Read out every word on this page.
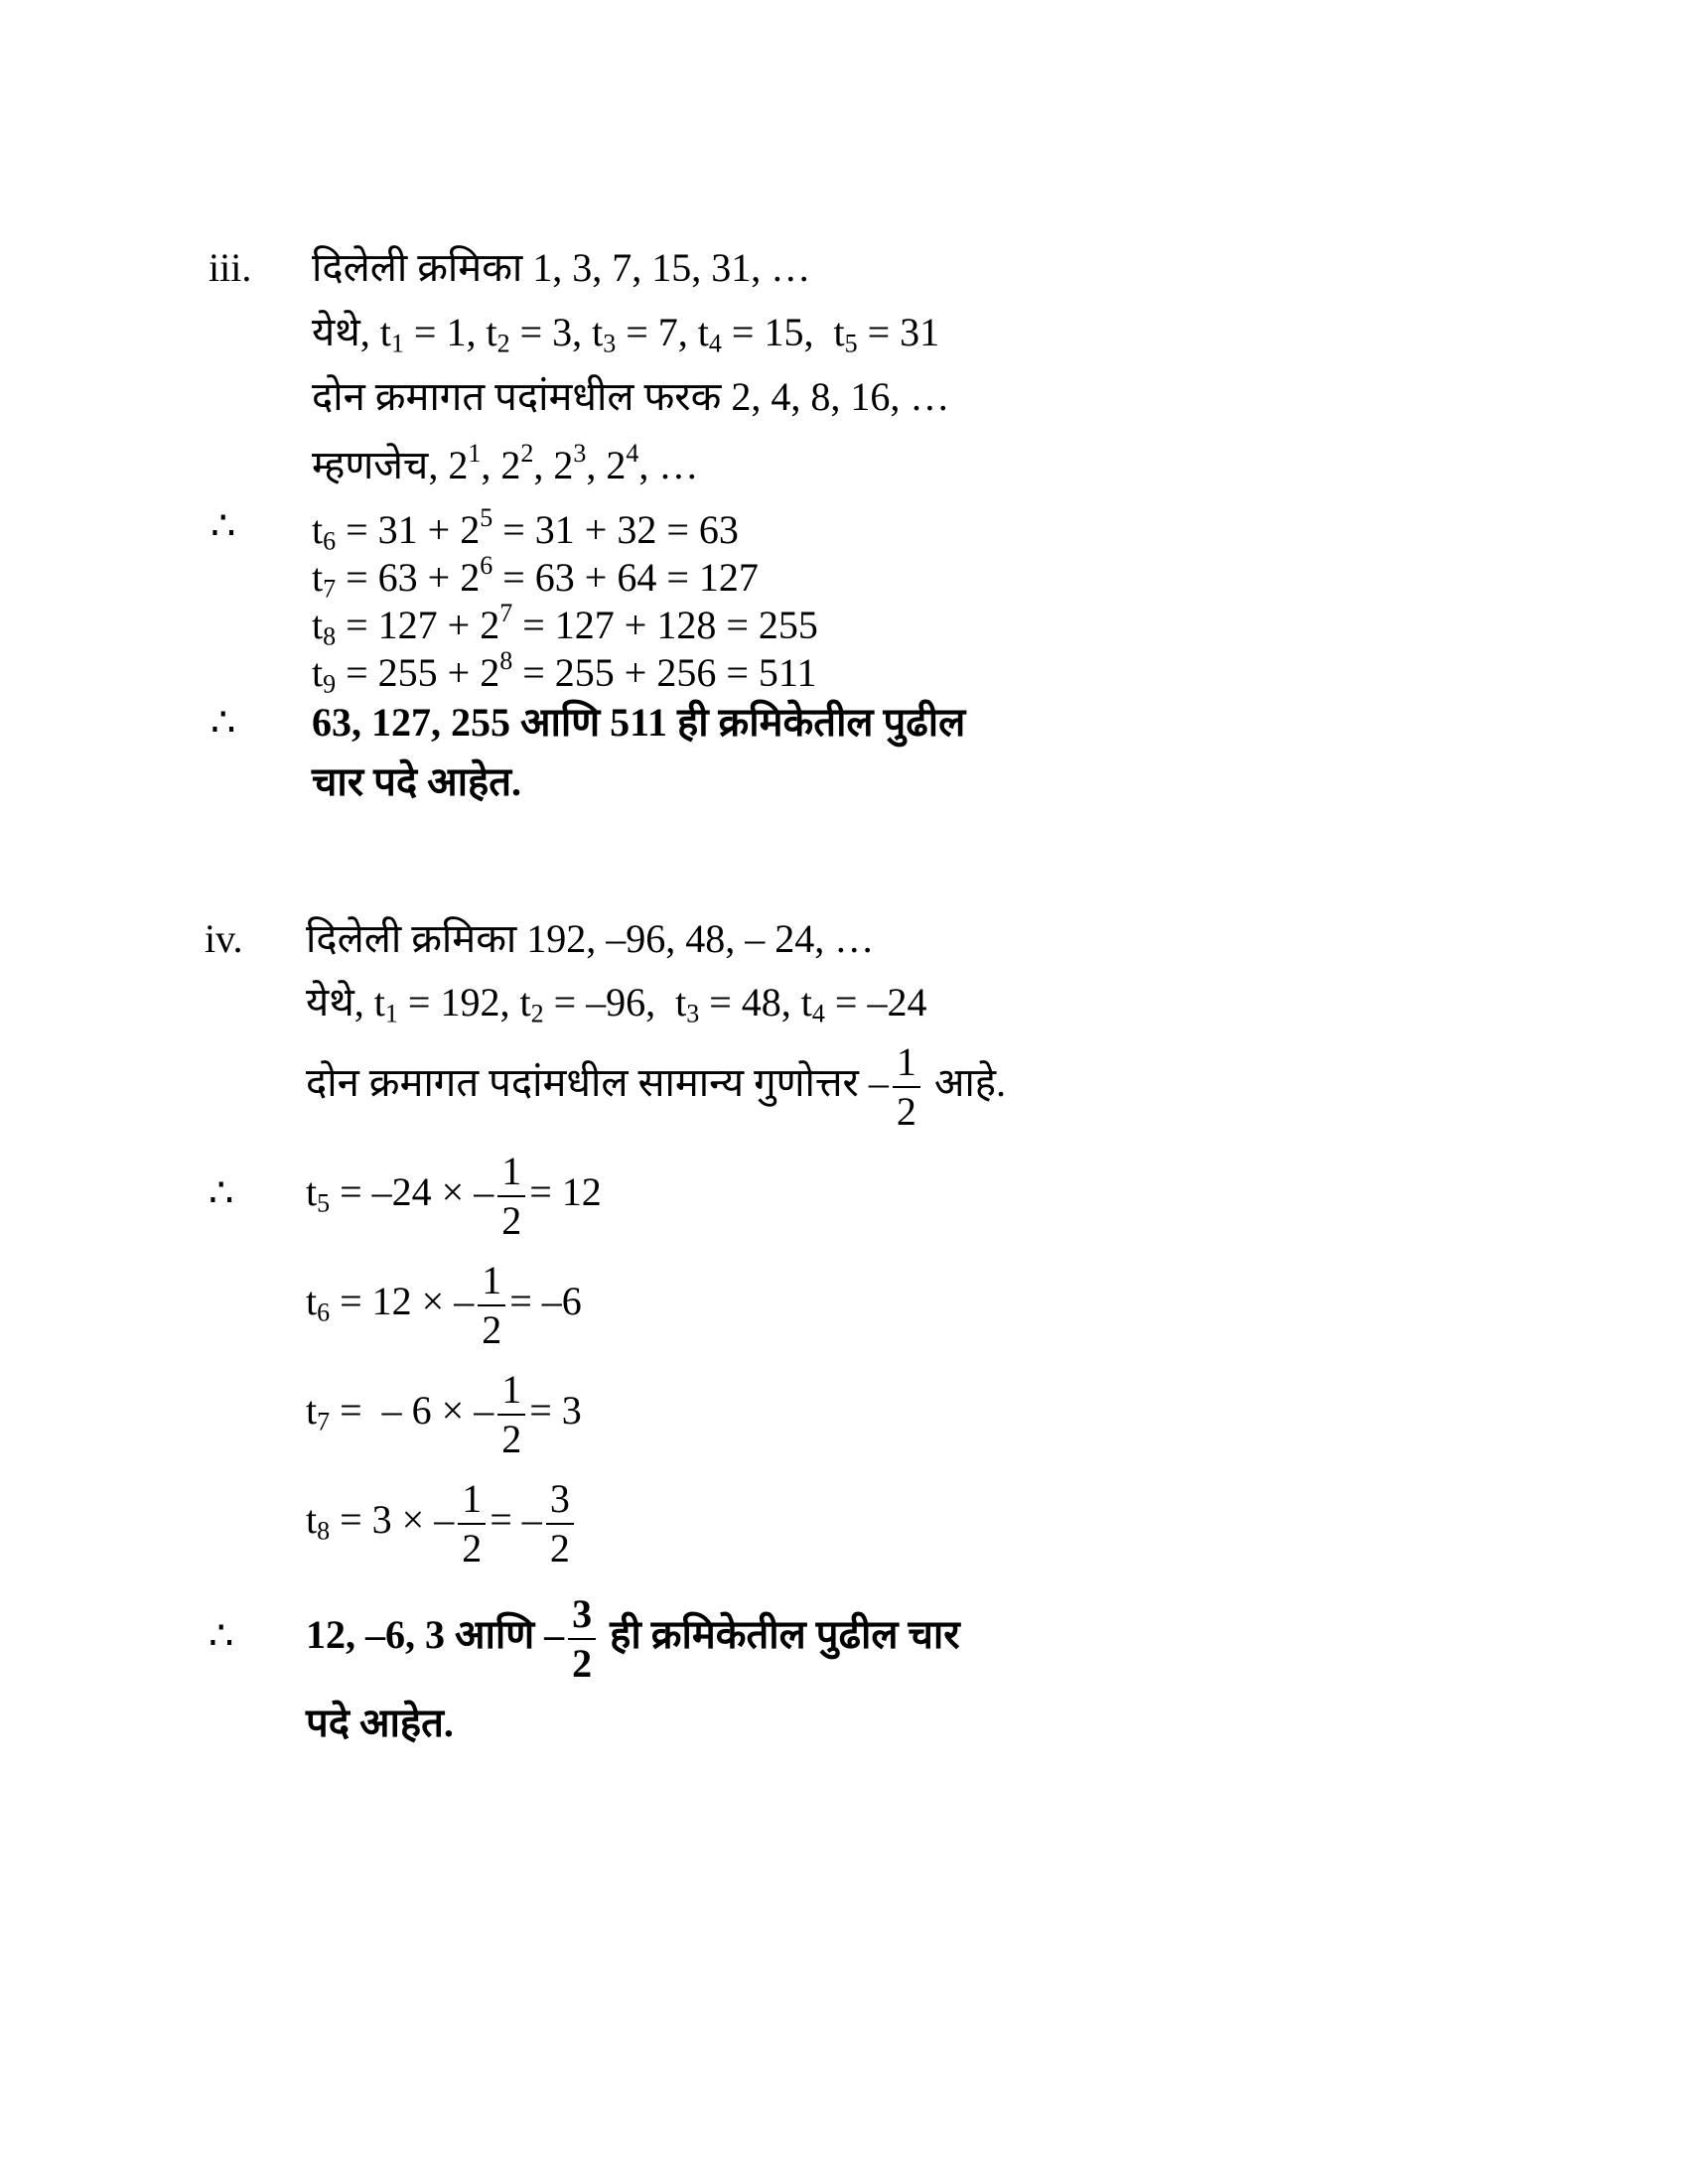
iii. दिलेली क्रमिका 1, 3, 7, 15, 31, …
येथे, $t_1 = 1$, $t_2 = 3$, $t_3 = 7$, $t_4 = 15$,  $t_5 = 31$
दोन क्रमागत पदांमधील फरक 2, 4, 8, 16, …
म्हणजेच, $2^1$, $2^2$, $2^3$, $2^4$, …
∴ $t_6 = 31 + 2^5 = 31 + 32 = 63$
$t_7 = 63 + 2^6 = 63 + 64 = 127$
$t_8 = 127 + 2^7 = 127 + 128 = 255$
$t_9 = 255 + 2^8 = 255 + 256 = 511$
∴ 63, 127, 255 आणि 511 ही क्रमिकेतील पुढील
चार पदे आहेत.
iv. दिलेली क्रमिका 192, –96, 48, – 24, …
येथे, $t_1 = 192$, $t_2 = -96$,  $t_3 = 48$, $t_4 = -24$
दोन क्रमागत पदांमधील सामान्य गुणोत्तर – $\frac{1}{2}$ आहे.
∴ $t_5 = -24$ × – $\frac{1}{2} = 12$
$t_6 = 12$ × – $\frac{1}{2} = -6$
$t_7$ =  – 6 × – $\frac{1}{2} = 3$
$t_8 = 3$ × – $\frac{1}{2}$ = – $\frac{3}{2}$
∴ 12, –6, 3 आणि – $\frac{3}{2}$ ही क्रमिकेतील पुढील चार
पदे आहेत.
